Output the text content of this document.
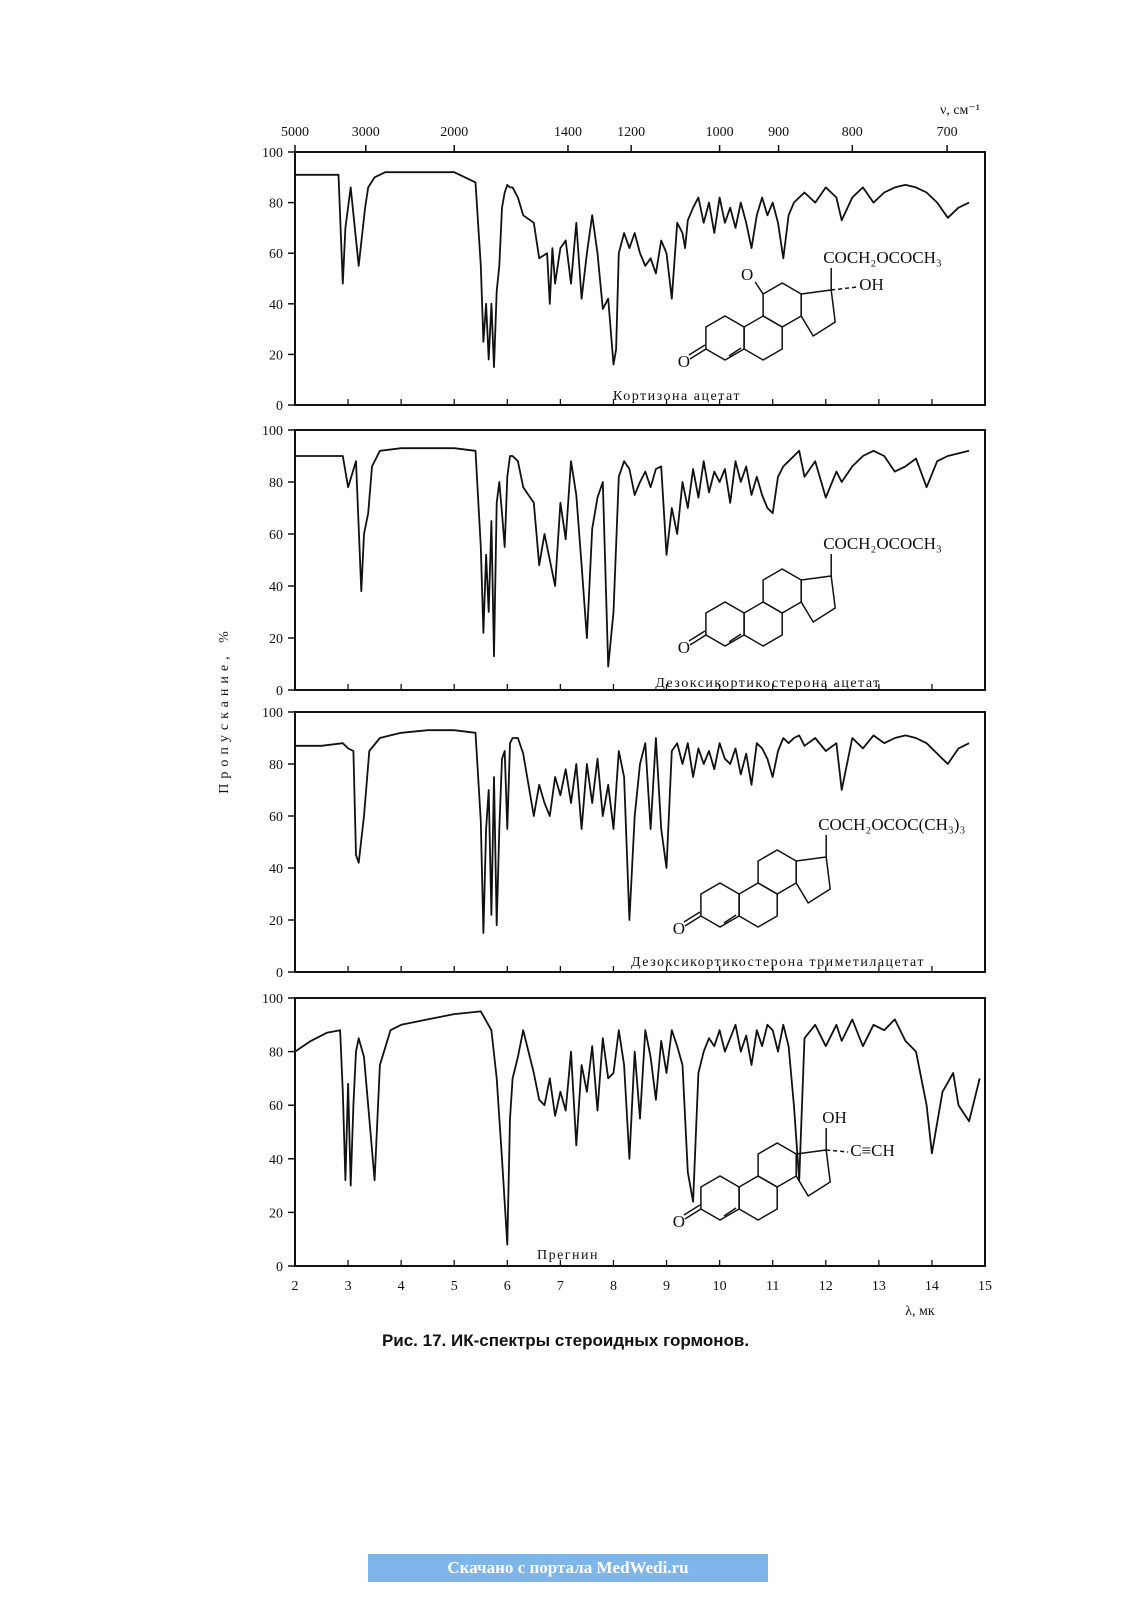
5000	3000	2000	1400	1200	1000 900	800	700
ν, см⁻¹
0
20
40
60
80
100
COCH₂OCOCH₃
OH
O
O
0
20
40
60
80
100
COCH₂OCOCH₃
O
0
20
40
60
80
100
COCH₂OCOC(CH₃)₃
O
0
20
40
60
80
100
OH
C≡CH
O
2	3	4	5	6	7	8	9	10	11	12	13	14	15
λ, мк
Пропускание, %
Кортизона ацетат
Дезоксикортикостерона ацетат
Дезоксикортикостерона триметилацетат
Прегнин
Рис. 17. ИК-спектры стероидных гормонов.
Скачано с портала MedWedi.ru
